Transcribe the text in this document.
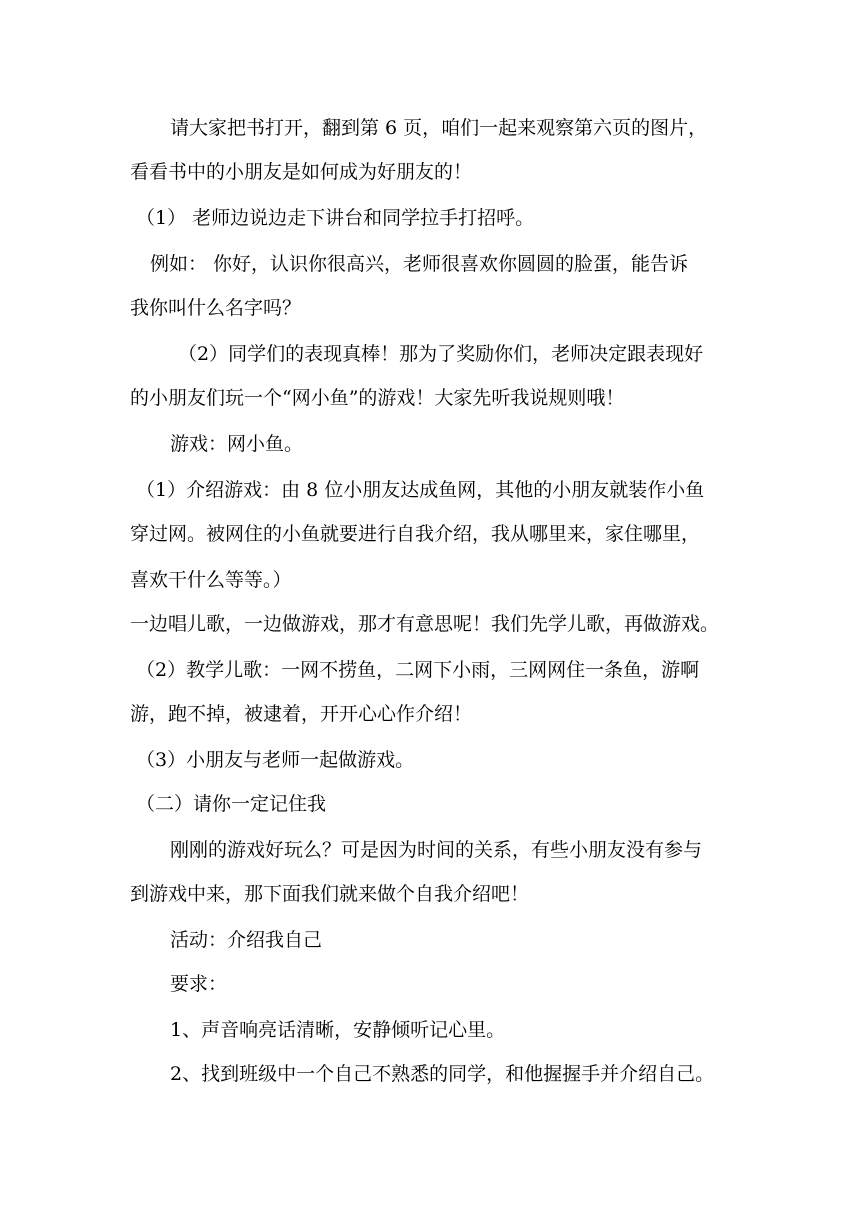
请大家把书打开，翻到第 6 页，咱们一起来观察第六页的图片，
看看书中的小朋友是如何成为好朋友的！
（1） 老师边说边走下讲台和同学拉手打招呼。
例如： 你好，认识你很高兴，老师很喜欢你圆圆的脸蛋，能告诉
我你叫什么名字吗？
（2）同学们的表现真棒！那为了奖励你们，老师决定跟表现好
的小朋友们玩一个“网小鱼”的游戏！大家先听我说规则哦！
游戏：网小鱼。
（1）介绍游戏：由 8 位小朋友达成鱼网，其他的小朋友就装作小鱼
穿过网。被网住的小鱼就要进行自我介绍，我从哪里来，家住哪里，
喜欢干什么等等。）
一边唱儿歌，一边做游戏，那才有意思呢！我们先学儿歌，再做游戏。
（2）教学儿歌：一网不捞鱼，二网下小雨，三网网住一条鱼，游啊
游，跑不掉，被逮着，开开心心作介绍！
（3）小朋友与老师一起做游戏。
（二）请你一定记住我
刚刚的游戏好玩么？可是因为时间的关系，有些小朋友没有参与
到游戏中来，那下面我们就来做个自我介绍吧！
活动：介绍我自己
要求：
1、声音响亮话清晰，安静倾听记心里。
2、找到班级中一个自己不熟悉的同学，和他握握手并介绍自己。
